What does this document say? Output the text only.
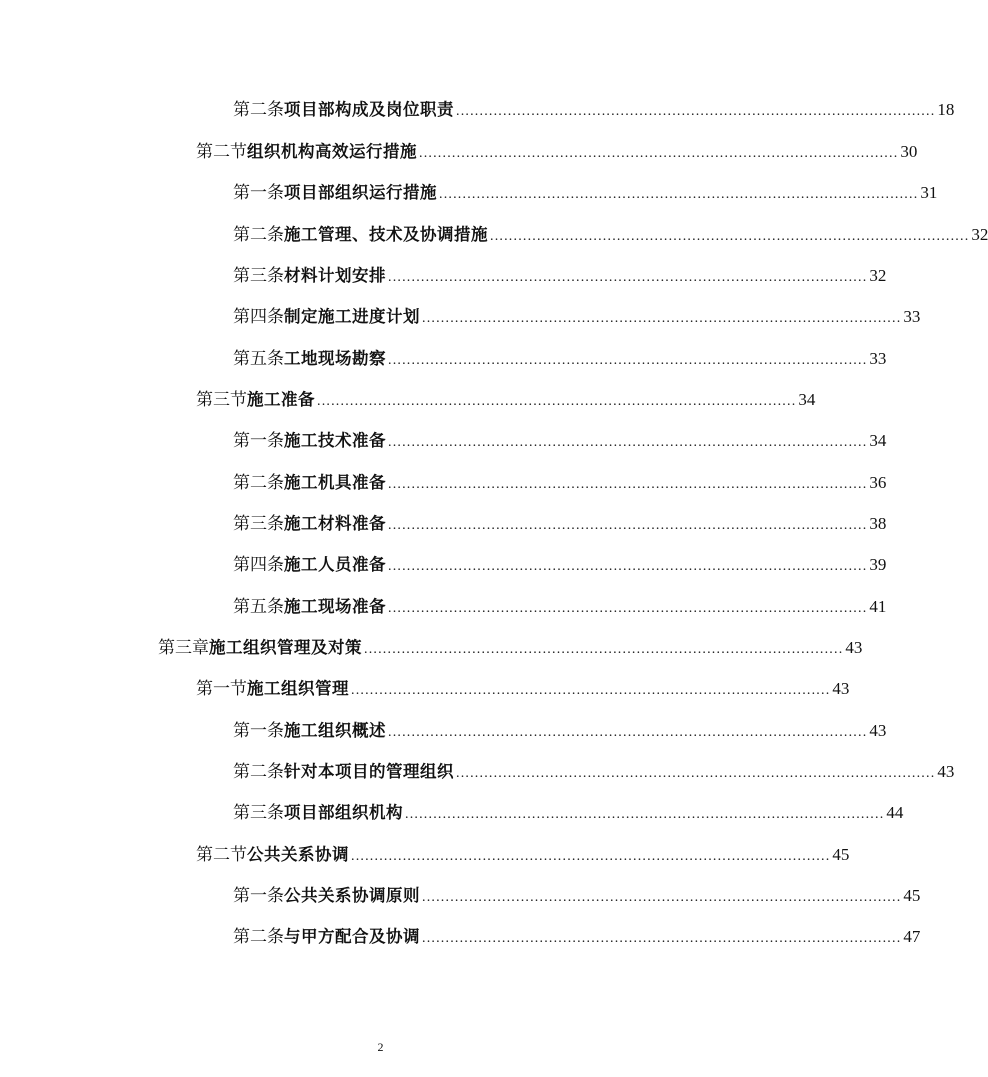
第二条 项目部构成及岗位职责 ...................................................................................................... 18
第二节 组织机构高效运行措施 ...................................................................................................... 30
第一条 项目部组织运行措施 ...................................................................................................... 31
第二条 施工管理、技术及协调措施 ...................................................................................................... 32
第三条 材料计划安排 ...................................................................................................... 32
第四条 制定施工进度计划 ...................................................................................................... 33
第五条 工地现场勘察 ...................................................................................................... 33
第三节 施工准备 ...................................................................................................... 34
第一条 施工技术准备 ...................................................................................................... 34
第二条 施工机具准备 ...................................................................................................... 36
第三条 施工材料准备 ...................................................................................................... 38
第四条 施工人员准备 ...................................................................................................... 39
第五条 施工现场准备 ...................................................................................................... 41
第三章 施工组织管理及对策 ...................................................................................................... 43
第一节 施工组织管理 ...................................................................................................... 43
第一条 施工组织概述 ...................................................................................................... 43
第二条 针对本项目的管理组织 ...................................................................................................... 43
第三条 项目部组织机构 ...................................................................................................... 44
第二节 公共关系协调 ...................................................................................................... 45
第一条 公共关系协调原则 ...................................................................................................... 45
第二条 与甲方配合及协调 ...................................................................................................... 47
2
